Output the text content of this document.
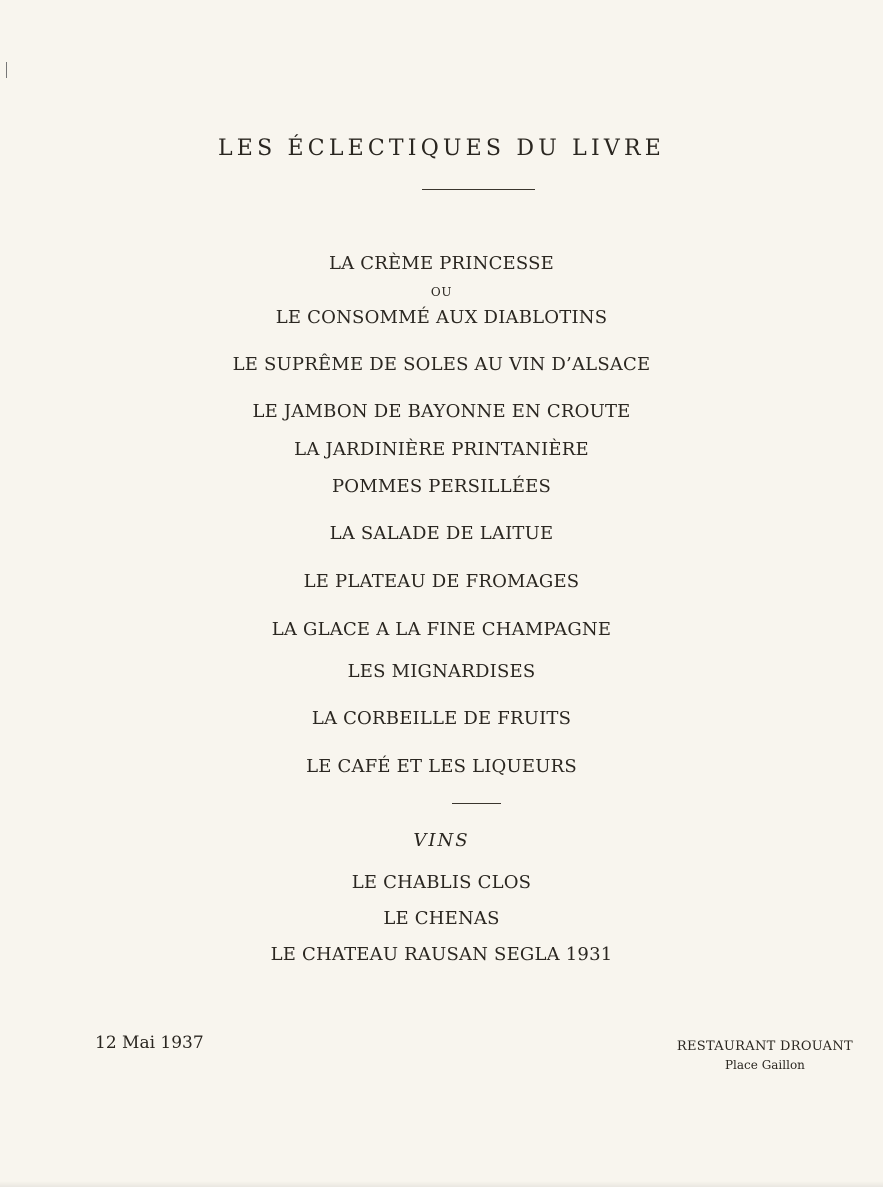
LES ÉCLECTIQUES DU LIVRE
LA CRÈME PRINCESSE
OU
LE CONSOMMÉ AUX DIABLOTINS
LE SUPRÊME DE SOLES AU VIN D’ALSACE
LE JAMBON DE BAYONNE EN CROUTE
LA JARDINIÈRE PRINTANIÈRE
POMMES PERSILLÉES
LA SALADE DE LAITUE
LE PLATEAU DE FROMAGES
LA GLACE A LA FINE CHAMPAGNE
LES MIGNARDISES
LA CORBEILLE DE FRUITS
LE CAFÉ ET LES LIQUEURS
VINS
LE CHABLIS CLOS
LE CHENAS
LE CHATEAU RAUSAN SEGLA 1931
12 Mai 1937	RESTAURANT DROUANT
Place Gaillon
